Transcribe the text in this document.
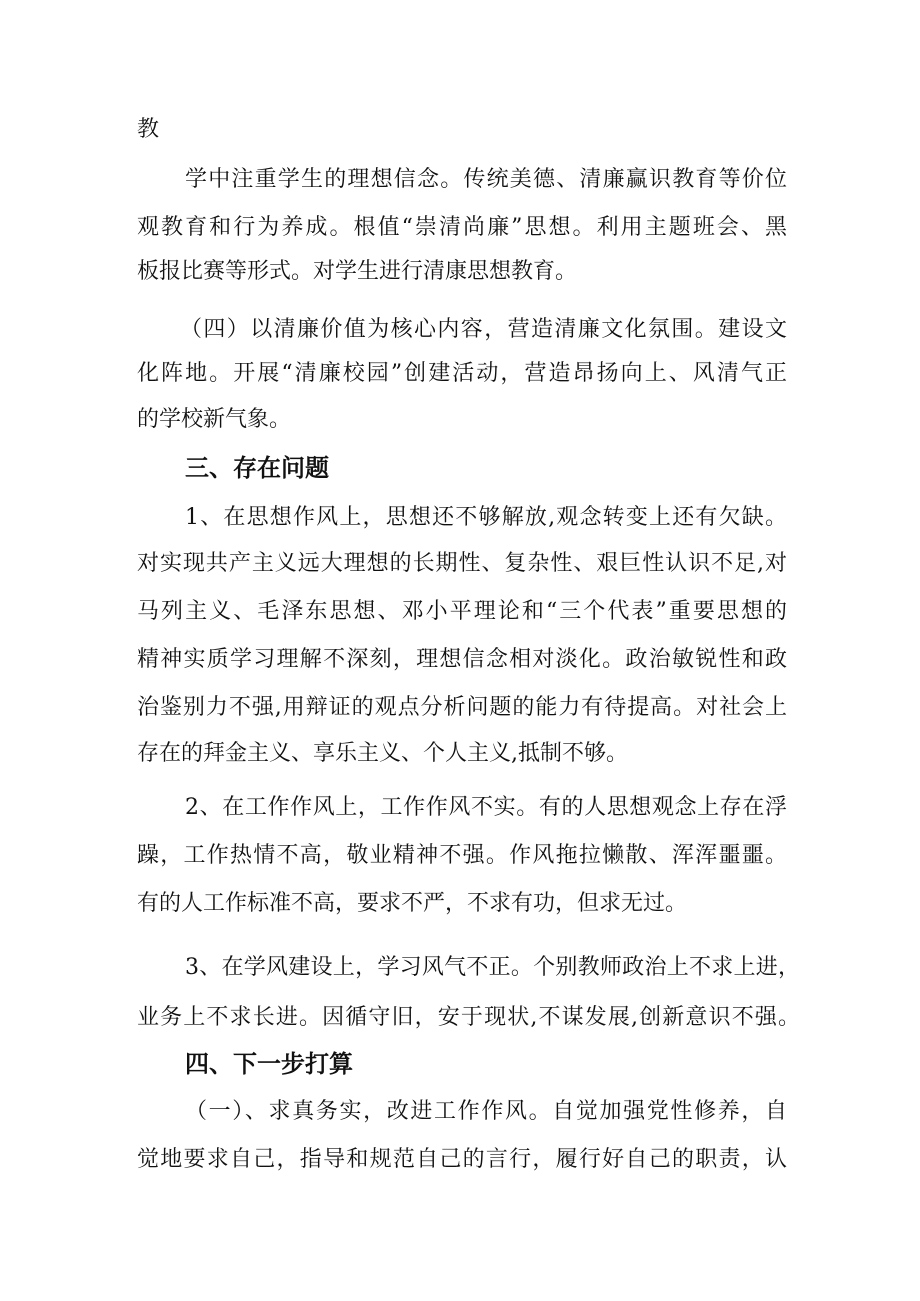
教
学中注重学生的理想信念。传统美德、清廉赢识教育等价位
观教育和行为养成。根值“崇清尚廉”思想。利用主题班会、黑
板报比赛等形式。对学生进行清康思想教育。
（四）以清廉价值为核心内容，营造清廉文化氛围。建设文
化阵地。开展“清廉校园”创建活动，营造昂扬向上、风清气正
的学校新气象。
三、存在问题
1、在思想作风上，思想还不够解放,观念转变上还有欠缺。
对实现共产主义远大理想的长期性、复杂性、艰巨性认识不足,对
马列主义、毛泽东思想、邓小平理论和“三个代表”重要思想的
精神实质学习理解不深刻，理想信念相对淡化。政治敏锐性和政
治鉴别力不强,用辩证的观点分析问题的能力有待提高。对社会上
存在的拜金主义、享乐主义、个人主义,抵制不够。
2、在工作作风上，工作作风不实。有的人思想观念上存在浮
躁，工作热情不高，敬业精神不强。作风拖拉懒散、浑浑噩噩。
有的人工作标准不高，要求不严，不求有功，但求无过。
3、在学风建设上，学习风气不正。个别教师政治上不求上进，
业务上不求长进。因循守旧，安于现状,不谋发展,创新意识不强。
四、下一步打算
（一）、求真务实，改进工作作风。自觉加强党性修养，自
觉地要求自己，指导和规范自己的言行，履行好自己的职责，认
